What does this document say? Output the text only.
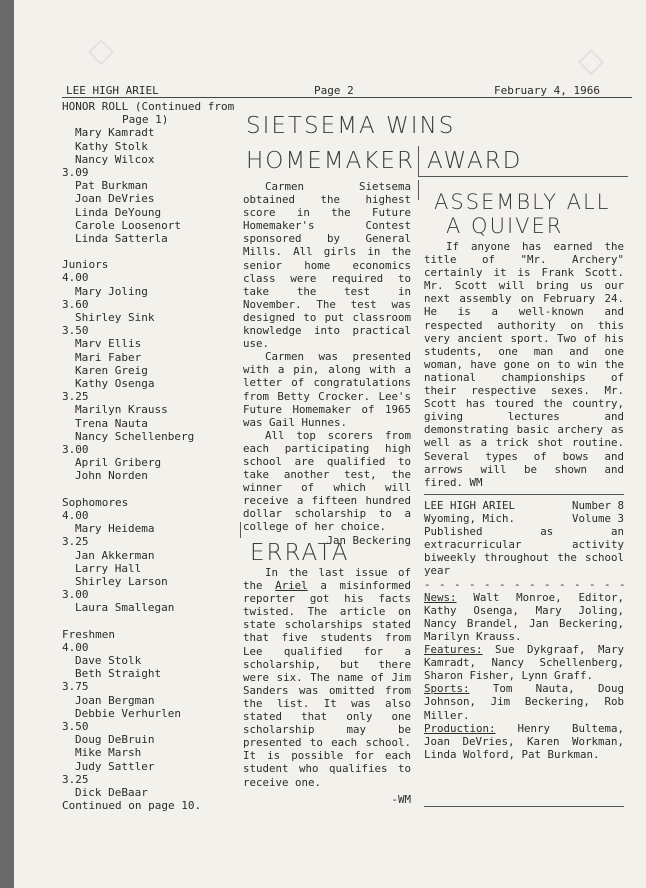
◇	◇
LEE HIGH ARIEL	Page 2	February 4, 1966
HONOR ROLL (Continued from
Page 1)
Mary Kamradt
Kathy Stolk
Nancy Wilcox
3.09
Pat Burkman
Joan DeVries
Linda DeYoung
Carole Loosenort
Linda Satterla
Juniors
4.00
Mary Joling
3.60
Shirley Sink
3.50
Marv Ellis
Mari Faber
Karen Greig
Kathy Osenga
3.25
Marilyn Krauss
Trena Nauta
Nancy Schellenberg
3.00
April Griberg
John Norden
Sophomores
4.00
Mary Heidema
3.25
Jan Akkerman
Larry Hall
Shirley Larson
3.00
Laura Smallegan
Freshmen
4.00
Dave Stolk
Beth Straight
3.75
Joan Bergman
Debbie Verhurlen
3.50
Doug DeBruin
Mike Marsh
Judy Sattler
3.25
Dick DeBaar
Continued on page 10.
SIETSEMA WINS
HOMEMAKER AWARD

Carmen Sietsema obtained the highest score in the Future Homemaker's Contest sponsored by General Mills. All girls in the senior home economics class were required to take the test in November. The test was designed to put classroom knowledge into practical use.

Carmen was presented with a pin, along with a letter of congratulations from Betty Crocker. Lee's Future Homemaker of 1965 was Gail Hunnes.

All top scorers from each participating high school are qualified to take another test, the winner of which will receive a fifteen hundred dollar scholarship to a college of her choice.

Jan Beckering
ASSEMBLY ALL
A QUIVER

If anyone has earned the title of "Mr. Archery" certainly it is Frank Scott. Mr. Scott will bring us our next assembly on February 24. He is a well-known and respected authority on this very ancient sport. Two of his students, one man and one woman, have gone on to win the national championships of their respective sexes. Mr. Scott has toured the country, giving lectures and demonstrating basic archery as well as a trick shot routine. Several types of bows and arrows will be shown and fired. WM

ERRATA

In the last issue of the Ariel a misinformed reporter got his facts twisted. The article on state scholarships stated that five students from Lee qualified for a scholarship, but there were six. The name of Jim Sanders was omitted from the list. It was also stated that only one scholarship may be presented to each school. It is possible for each student who qualifies to receive one.

-WM
LEE HIGH ARIEL	Number 8
Wyoming, Mich.	Volume 3
Published as an extracurricular activity biweekly throughout the school year
- - - - - - - - - - - - - -
News: Walt Monroe, Editor, Kathy Osenga, Mary Joling, Nancy Brandel, Jan Beckering, Marilyn Krauss.
Features: Sue Dykgraaf, Mary Kamradt, Nancy Schellenberg, Sharon Fisher, Lynn Graff.
Sports: Tom Nauta, Doug Johnson, Jim Beckering, Rob Miller.
Production: Henry Bultema, Joan DeVries, Karen Workman, Linda Wolford, Pat Burkman.
